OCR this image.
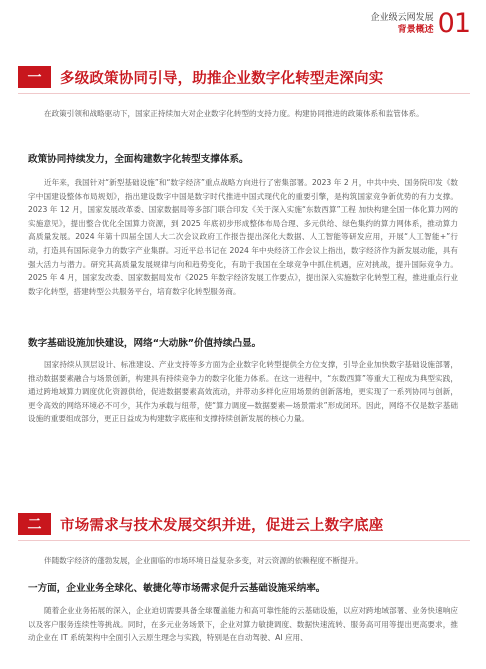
企业级云网发展
背景概述 01
一	多级政策协同引导，助推企业数字化转型走深向实

在政策引领和战略驱动下，国家正持续加大对企业数字化转型的支持力度。构建协同推进的政策体系和监管体系。

政策协同持续发力，全面构建数字化转型支撑体系。

近年来，我国针对“新型基础设施”和“数字经济”重点战略方向进行了密集部署。2023 年 2 月，中共中央、国务院印发《数字中国建设整体布局规划》，指出建设数字中国是数字时代推进中国式现代化的重要引擎，是构筑国家竞争新优势的有力支撑。2023 年 12 月，国家发展改革委、国家数据局等多部门联合印发《关于深入实施“东数西算”工程 加快构建全国一体化算力网的实施意见》，提出整合优化全国算力资源，到 2025 年底初步形成整体布局合理、多元供给、绿色集约的算力网体系，推动算力高质量发展。2024 年第十四届全国人大二次会议政府工作报告提出深化大数据、人工智能等研发应用，开展“人工智能+”行动，打造具有国际竞争力的数字产业集群。习近平总书记在 2024 年中央经济工作会议上指出，数字经济作为新发展动能，具有强大活力与潜力。研究其高质量发展规律与向和趋势变化，有助于我国在全球竞争中抓住机遇，应对挑战，提升国际竞争力。2025 年 4 月，国家发改委、国家数据局发布《2025 年数字经济发展工作要点》，提出深入实施数字化转型工程，推进重点行业数字化转型，搭建转型公共服务平台，培育数字化转型服务商。

数字基础设施加快建设，网络“大动脉”价值持续凸显。

国家持续从顶层设计、标准建设、产业支持等多方面为企业数字化转型提供全方位支撑，引导企业加快数字基础设施部署，推动数据要素融合与场景创新，构建具有持续竞争力的数字化能力体系。在这一进程中，“东数西算”等重大工程成为典型实践，通过跨地域算力调度优化资源供给，促进数据要素高效流动，并带动多样化应用场景的创新落地，更实现了一系列协同与创新，更令高效的网络环境必不可少，其作为承载与纽带，使“算力调度—数据要素—场景需求”形成闭环。因此，网络不仅是数字基础设施的重要组成部分，更正日益成为构建数字底座和支撑持续创新发展的核心力量。

二	市场需求与技术发展交织并进，促进云上数字底座

伴随数字经济的蓬勃发展，企业面临的市场环境日益复杂多变，对云资源的依赖程度不断提升。

一方面，企业业务全球化、敏捷化等市场需求促升云基础设施采纳率。

随着企业业务拓展的深入，企业迫切需要具备全球覆盖能力和高可靠性能的云基础设施，以应对跨地域部署、业务快速响应以及客户服务连续性等挑战。同时，在多元业务场景下，企业对算力敏捷调度、数据快速流转、服务高可用等提出更高要求，推动企业在 IT 系统架构中全面引入云原生理念与实践，特别是在自动驾驶、AI 应用、
